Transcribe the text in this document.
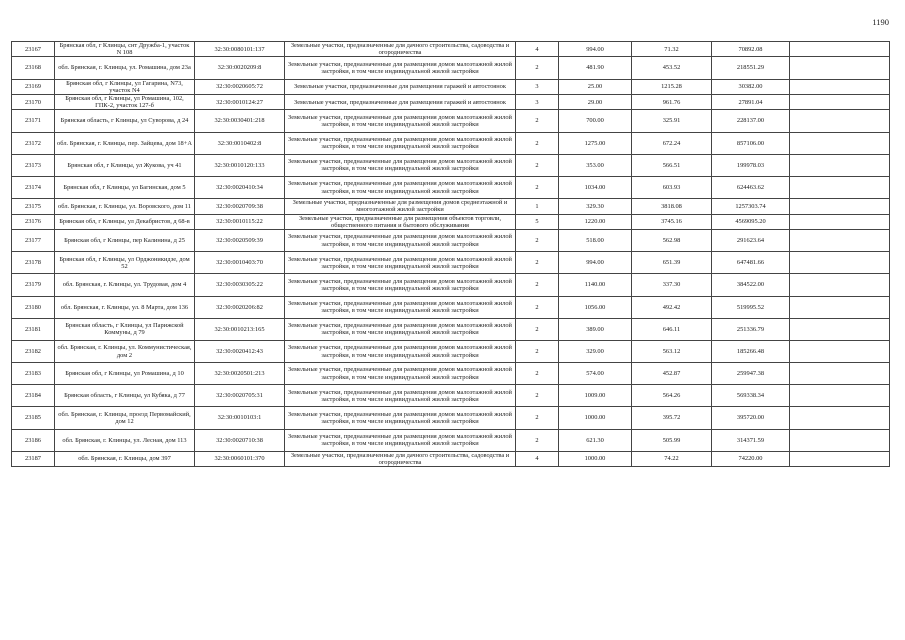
1190
23167	Брянская обл, г Клинцы, снт Дружба-1, участок N 108	32:30:0080101:137	Земельные участки, предназначенные для дачного строительства, садоводства и огородничества	4	994.00	71.32	70892.08	
23168	обл. Брянская, г. Клинцы, ул. Ромашина, дом 23а	32:30:0020209:8	Земельные участки, предназначенные для размещения домов малоэтажной жилой застройки, в том числе индивидуальной жилой застройки	2	481.90	453.52	218551.29	
23169	Брянская обл, г Клинцы, ул Гагарина, N73, участок N4	32:30:0020605:72	Земельные участки, предназначенные для размещения гаражей и автостоянок	3	25.00	1215.28	30382.00	
23170	Брянская обл, г Клинцы, ул Ромашина, 102, ГПК-2, участок 127-б	32:30:0010124:27	Земельные участки, предназначенные для размещения гаражей и автостоянок	3	29.00	961.76	27891.04	
23171	Брянская область, г Клинцы, ул Суворова, д 24	32:30:0030401:218	Земельные участки, предназначенные для размещения домов малоэтажной жилой застройки, в том числе индивидуальной жилой застройки	2	700.00	325.91	228137.00	
23172	обл. Брянская, г. Клинцы, пер. Зайцева, дом 18+А	32:30:0010402:8	Земельные участки, предназначенные для размещения домов малоэтажной жилой застройки, в том числе индивидуальной жилой застройки	2	1275.00	672.24	857106.00	
23173	Брянская обл, г Клинцы, ул Жукова, уч 41	32:30:0010120:133	Земельные участки, предназначенные для размещения домов малоэтажной жилой застройки, в том числе индивидуальной жилой застройки	2	353.00	566.51	199978.03	
23174	Брянская обл, г Клинцы, ул Багинская, дом 5	32:30:0020410:34	Земельные участки, предназначенные для размещения домов малоэтажной жилой застройки, в том числе индивидуальной жилой застройки	2	1034.00	603.93	624463.62	
23175	обл. Брянская, г. Клинцы, ул. Воровского, дом 11	32:30:0020709:38	Земельные участки, предназначенные для размещения домов среднеэтажной и многоэтажной жилой застройки	1	329.30	3818.08	1257303.74	
23176	Брянская обл, г Клинцы, ул Декабристов, д 68-в	32:30:0010115:22	Земельные участки, предназначенные для размещения объектов торговли, общественного питания и бытового обслуживания	5	1220.00	3745.16	4569095.20	
23177	Брянская обл, г Клинцы, пер Калинина, д 25	32:30:0020509:39	Земельные участки, предназначенные для размещения домов малоэтажной жилой застройки, в том числе индивидуальной жилой застройки	2	518.00	562.98	291623.64	
23178	Брянская обл, г Клинцы, ул Орджоникидзе, дом 52	32:30:0010403:70	Земельные участки, предназначенные для размещения домов малоэтажной жилой застройки, в том числе индивидуальной жилой застройки	2	994.00	651.39	647481.66	
23179	обл. Брянская, г. Клинцы, ул. Трудовая, дом 4	32:30:0030305:22	Земельные участки, предназначенные для размещения домов малоэтажной жилой застройки, в том числе индивидуальной жилой застройки	2	1140.00	337.30	384522.00	
23180	обл. Брянская, г. Клинцы, ул. 8 Марта, дом 136	32:30:0020206:82	Земельные участки, предназначенные для размещения домов малоэтажной жилой застройки, в том числе индивидуальной жилой застройки	2	1056.00	492.42	519995.52	
23181	Брянская область, г Клинцы, ул Парижской Коммуны, д 79	32:30:0010213:165	Земельные участки, предназначенные для размещения домов малоэтажной жилой застройки, в том числе индивидуальной жилой застройки	2	389.00	646.11	251336.79	
23182	обл. Брянская, г. Клинцы, ул. Коммунистическая, дом 2	32:30:0020412:43	Земельные участки, предназначенные для размещения домов малоэтажной жилой застройки, в том числе индивидуальной жилой застройки	2	329.00	563.12	185266.48	
23183	Брянская обл, г Клинцы, ул Ромашина, д 10	32:30:0020501:213	Земельные участки, предназначенные для размещения домов малоэтажной жилой застройки, в том числе индивидуальной жилой застройки	2	574.00	452.87	259947.38	
23184	Брянская область, г Клинцы, ул Кубяка, д 77	32:30:0020705:31	Земельные участки, предназначенные для размещения домов малоэтажной жилой застройки, в том числе индивидуальной жилой застройки	2	1009.00	564.26	569338.34	
23185	обл. Брянская, г. Клинцы, проезд Первомайский, дом 12	32:30:0010103:1	Земельные участки, предназначенные для размещения домов малоэтажной жилой застройки, в том числе индивидуальной жилой застройки	2	1000.00	395.72	395720.00	
23186	обл. Брянская, г. Клинцы, ул. Лесная, дом 113	32:30:0020710:38	Земельные участки, предназначенные для размещения домов малоэтажной жилой застройки, в том числе индивидуальной жилой застройки	2	621.30	505.99	314371.59	
23187	обл. Брянская, г. Клинцы, дом 397	32:30:0060101:370	Земельные участки, предназначенные для дачного строительства, садоводства и огородничества	4	1000.00	74.22	74220.00	
